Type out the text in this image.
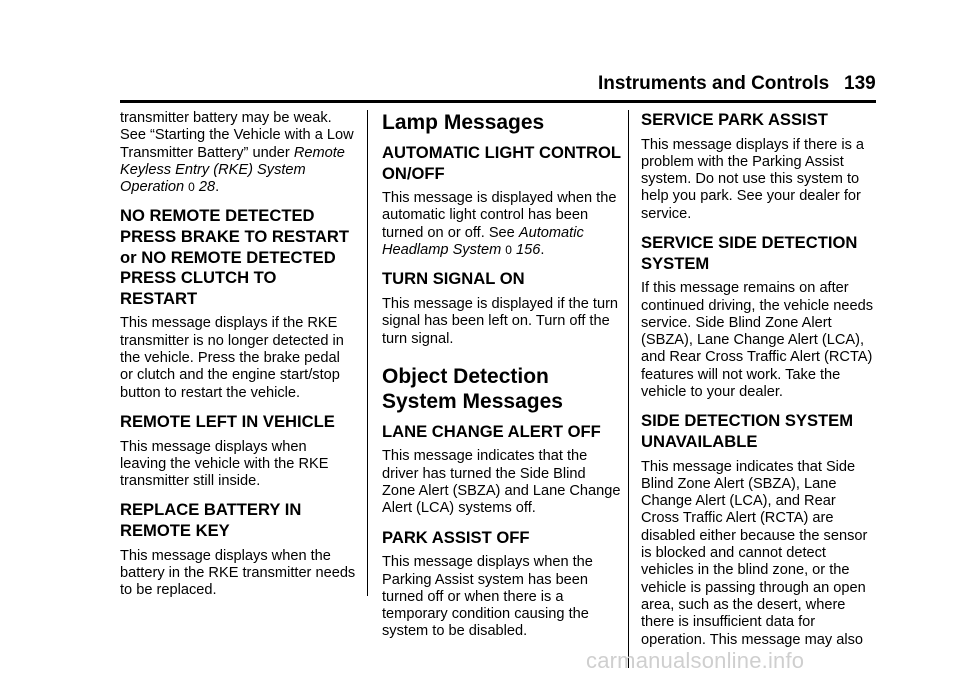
Instruments and Controls 139

transmitter battery may be weak. See “Starting the Vehicle with a Low Transmitter Battery” under Remote Keyless Entry (RKE) System Operation 0 28.

NO REMOTE DETECTED PRESS BRAKE TO RESTART or NO REMOTE DETECTED PRESS CLUTCH TO RESTART

This message displays if the RKE transmitter is no longer detected in the vehicle. Press the brake pedal or clutch and the engine start/stop button to restart the vehicle.

REMOTE LEFT IN VEHICLE

This message displays when leaving the vehicle with the RKE transmitter still inside.

REPLACE BATTERY IN REMOTE KEY

This message displays when the battery in the RKE transmitter needs to be replaced.

Lamp Messages
AUTOMATIC LIGHT CONTROL ON/OFF

This message is displayed when the automatic light control has been turned on or off. See Automatic Headlamp System 0 156.

TURN SIGNAL ON

This message is displayed if the turn signal has been left on. Turn off the turn signal.

Object Detection System Messages
LANE CHANGE ALERT OFF

This message indicates that the driver has turned the Side Blind Zone Alert (SBZA) and Lane Change Alert (LCA) systems off.

PARK ASSIST OFF

This message displays when the Parking Assist system has been turned off or when there is a temporary condition causing the system to be disabled.

SERVICE PARK ASSIST

This message displays if there is a problem with the Parking Assist system. Do not use this system to help you park. See your dealer for service.

SERVICE SIDE DETECTION SYSTEM

If this message remains on after continued driving, the vehicle needs service. Side Blind Zone Alert (SBZA), Lane Change Alert (LCA), and Rear Cross Traffic Alert (RCTA) features will not work. Take the vehicle to your dealer.

SIDE DETECTION SYSTEM UNAVAILABLE

This message indicates that Side Blind Zone Alert (SBZA), Lane Change Alert (LCA), and Rear Cross Traffic Alert (RCTA) are disabled either because the sensor is blocked and cannot detect vehicles in the blind zone, or the vehicle is passing through an open area, such as the desert, where there is insufficient data for operation. This message may also

carmanualsonline.info
